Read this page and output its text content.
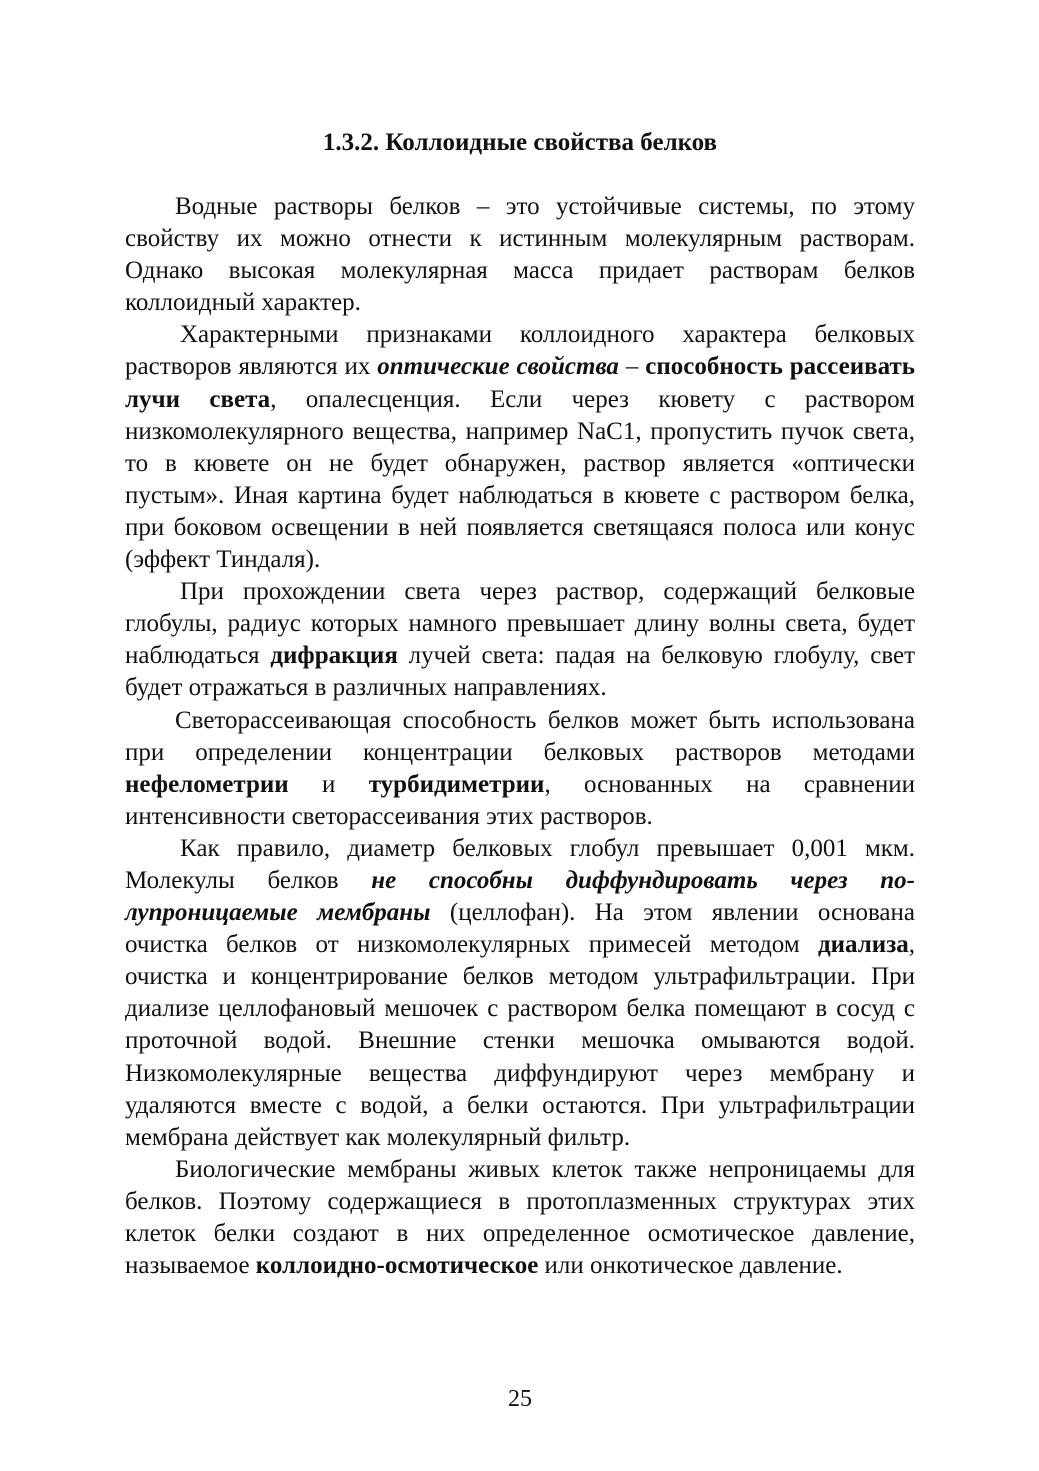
1.3.2. Коллоидные свойства белков

Водные растворы белков – это устойчивые системы, по этому свойству их можно отнести к истинным молекулярным растворам. Однако высокая молекулярная масса придает растворам белков коллоидный характер.

Характерными признаками коллоидного характера белковых растворов являются их оптические свойства – способность рассеивать лучи света, опалесценция. Если через кювету с раствором низкомолекулярного вещества, например NaC1, пропустить пучок света, то в кювете он не будет обнаружен, раствор является «оптически пустым». Иная картина будет наблюдаться в кювете с раствором белка, при боковом освещении в ней появляется светящаяся полоса или конус (эффект Тиндаля).

При прохождении света через раствор, содержащий белковые глобулы, радиус которых намного превышает длину волны света, будет наблюдаться дифракция лучей света: падая на белковую глобулу, свет будет отражаться в различных направлениях.

Светорассеивающая способность белков может быть использована при определении концентрации белковых растворов методами нефелометрии и турбидиметрии, основанных на сравнении интенсивности светорассеивания этих растворов.

Как правило, диаметр белковых глобул превышает 0,001 мкм. Молекулы белков не способны диффундировать через полупроницаемые мембраны (целлофан). На этом явлении основана очистка белков от низкомолекулярных примесей методом диализа, очистка и концентрирование белков методом ультрафильтрации. При диализе целлофановый мешочек с раствором белка помещают в сосуд с проточной водой. Внешние стенки мешочка омываются водой. Низкомолекулярные вещества диффундируют через мембрану и удаляются вместе с водой, а белки остаются. При ультрафильтрации мембрана действует как молекулярный фильтр.

Биологические мембраны живых клеток также непроницаемы для белков. Поэтому содержащиеся в протоплазменных структурах этих клеток белки создают в них определенное осмотическое давление, называемое коллоидно-осмотическое или онкотическое давление.

25
